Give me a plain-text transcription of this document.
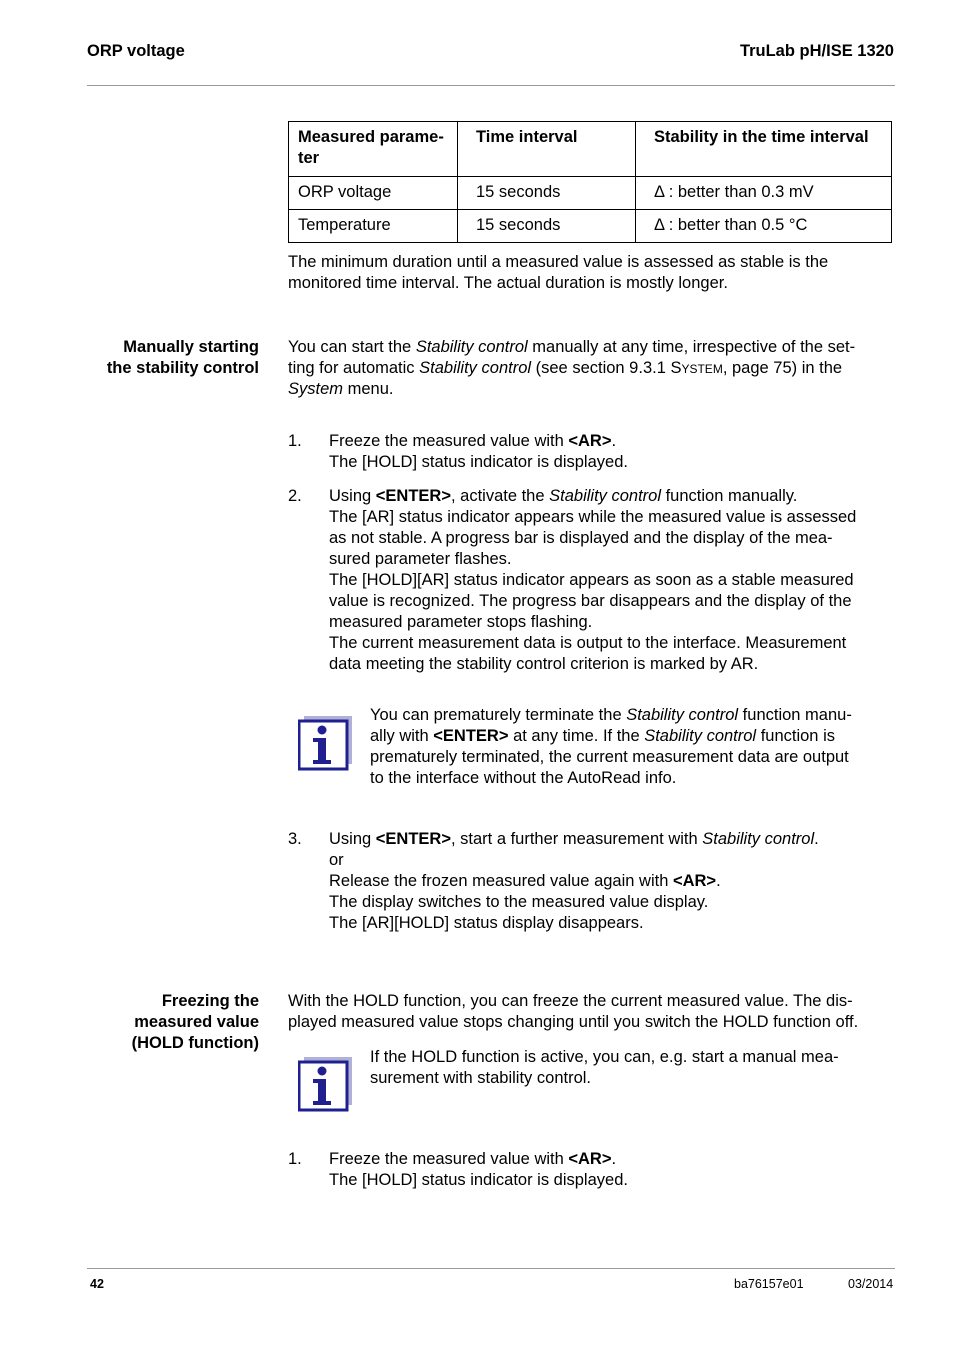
ORP voltage	TruLab pH/ISE 1320
Measured parame-ter	Time interval	Stability in the time interval
ORP voltage	15 seconds	Δ : better than 0.3 mV
Temperature	15 seconds	Δ : better than 0.5 °C
The minimum duration until a measured value is assessed as stable is the
monitored time interval. The actual duration is mostly longer.
Manually starting
the stability control
You can start the Stability control manually at any time, irrespective of the set-
ting for automatic Stability control (see section 9.3.1 System, page 75) in the
System menu.
1. Freeze the measured value with <AR>.
The [HOLD] status indicator is displayed.
2. Using <ENTER>, activate the Stability control function manually.
The [AR] status indicator appears while the measured value is assessed
as not stable. A progress bar is displayed and the display of the mea-
sured parameter flashes.
The [HOLD][AR] status indicator appears as soon as a stable measured
value is recognized. The progress bar disappears and the display of the
measured parameter stops flashing.
The current measurement data is output to the interface. Measurement
data meeting the stability control criterion is marked by AR.
You can prematurely terminate the Stability control function manu-
ally with <ENTER> at any time. If the Stability control function is
prematurely terminated, the current measurement data are output
to the interface without the AutoRead info.
3. Using <ENTER>, start a further measurement with Stability control.
or
Release the frozen measured value again with <AR>.
The display switches to the measured value display.
The [AR][HOLD] status display disappears.
Freezing the
measured value
(HOLD function)
With the HOLD function, you can freeze the current measured value. The dis-
played measured value stops changing until you switch the HOLD function off.
If the HOLD function is active, you can, e.g. start a manual mea-
surement with stability control.
1. Freeze the measured value with <AR>.
The [HOLD] status indicator is displayed.
42	ba76157e01	03/2014
